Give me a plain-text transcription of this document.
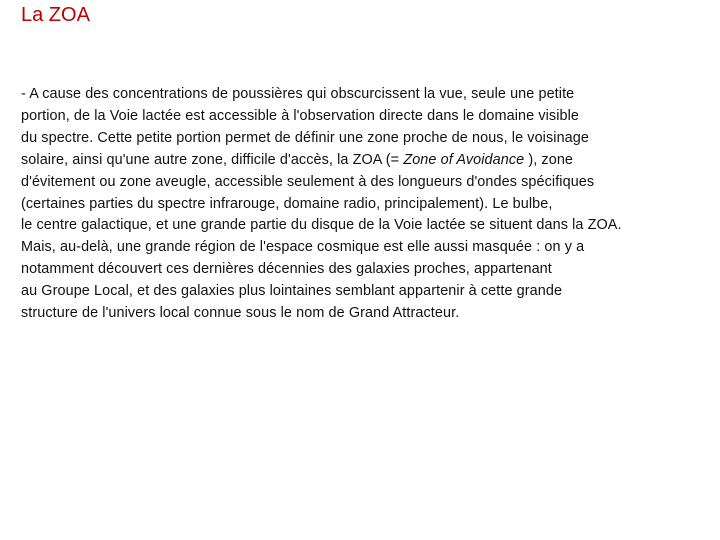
La ZOA
- A cause des concentrations de poussières qui obscurcissent la vue, seule une petite
portion, de la Voie lactée est accessible à l'observation directe dans le domaine visible
du spectre. Cette petite portion permet de définir une zone proche de nous, le voisinage
solaire, ainsi qu'une autre zone, difficile d'accès, la ZOA (= Zone of Avoidance ), zone
d'évitement ou zone aveugle, accessible seulement à des longueurs d'ondes spécifiques
(certaines parties du spectre infrarouge, domaine radio, principalement). Le bulbe,
le centre galactique, et une grande partie du disque de la Voie lactée se situent dans la ZOA.
Mais, au-delà, une grande région de l'espace cosmique est elle aussi masquée : on y a
notamment découvert ces dernières décennies des galaxies proches, appartenant
au Groupe Local, et des galaxies plus lointaines semblant appartenir à cette grande
structure de l'univers local connue sous le nom de Grand Attracteur.
